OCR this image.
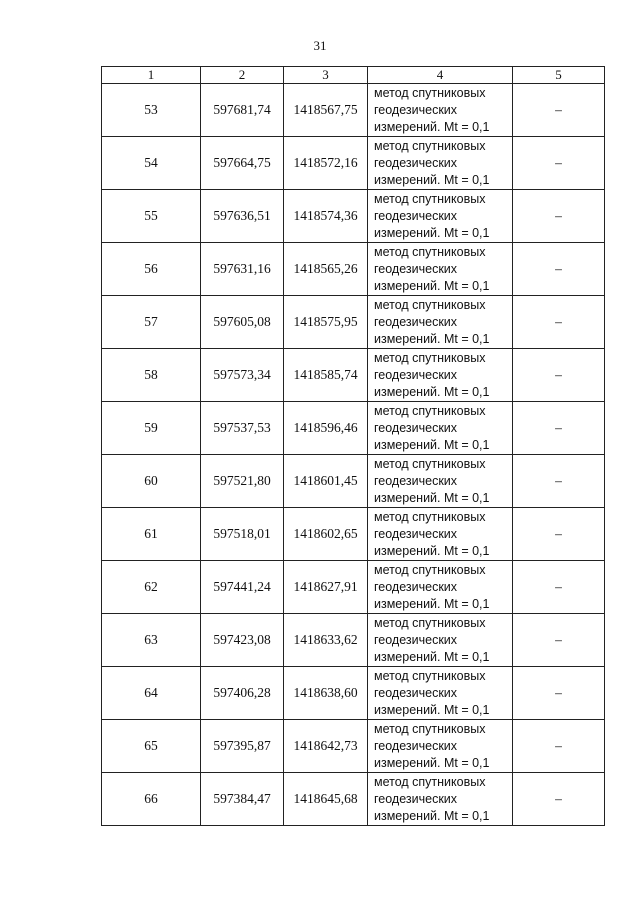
31
1	2	3	4	5
53	597681,74	1418567,75	метод спутниковых
геодезических
измерений. Mt = 0,1	–
54	597664,75	1418572,16	метод спутниковых
геодезических
измерений. Mt = 0,1	–
55	597636,51	1418574,36	метод спутниковых
геодезических
измерений. Mt = 0,1	–
56	597631,16	1418565,26	метод спутниковых
геодезических
измерений. Mt = 0,1	–
57	597605,08	1418575,95	метод спутниковых
геодезических
измерений. Mt = 0,1	–
58	597573,34	1418585,74	метод спутниковых
геодезических
измерений. Mt = 0,1	–
59	597537,53	1418596,46	метод спутниковых
геодезических
измерений. Mt = 0,1	–
60	597521,80	1418601,45	метод спутниковых
геодезических
измерений. Mt = 0,1	–
61	597518,01	1418602,65	метод спутниковых
геодезических
измерений. Mt = 0,1	–
62	597441,24	1418627,91	метод спутниковых
геодезических
измерений. Mt = 0,1	–
63	597423,08	1418633,62	метод спутниковых
геодезических
измерений. Mt = 0,1	–
64	597406,28	1418638,60	метод спутниковых
геодезических
измерений. Mt = 0,1	–
65	597395,87	1418642,73	метод спутниковых
геодезических
измерений. Mt = 0,1	–
66	597384,47	1418645,68	метод спутниковых
геодезических
измерений. Mt = 0,1	–
